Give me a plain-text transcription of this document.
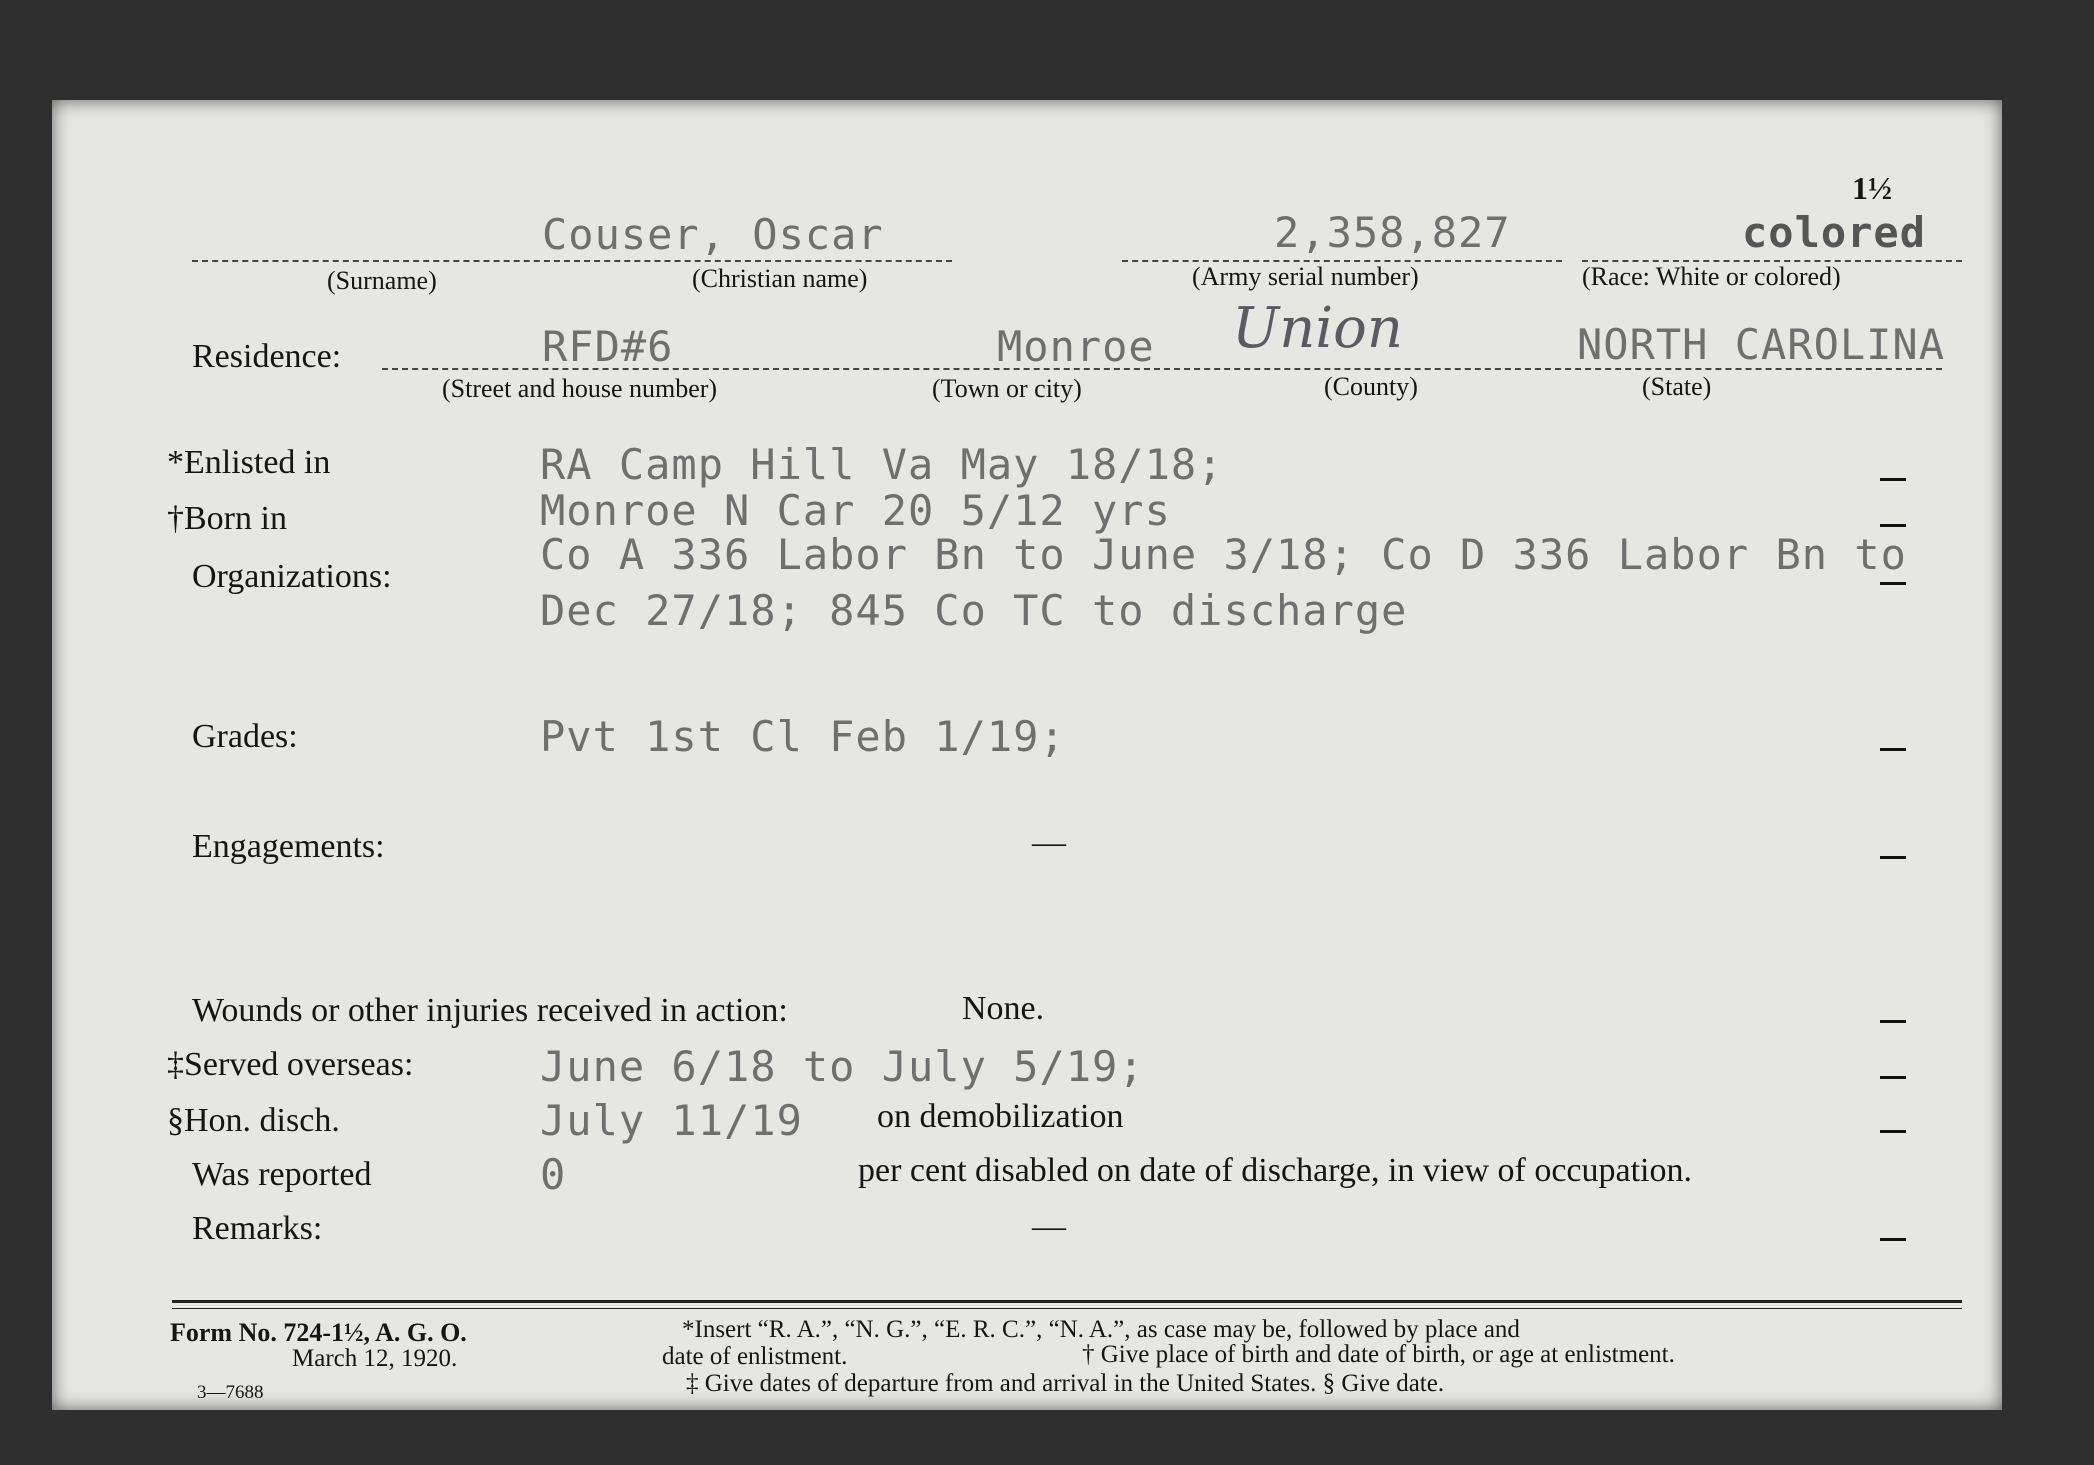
1½
Couser, Oscar
(Surname)	(Christian name)
2,358,827
(Army serial number)
colored
(Race: White or colored)
Residence:	RFD#6
(Street and house number)
Monroe
(Town or city)
Union
(County)
NORTH CAROLINA
(State)
*Enlisted in	RA Camp Hill Va May 18/18;
†Born in	Monroe N Car 20 5/12 yrs
Organizations:	Co A 336 Labor Bn to June 3/18; Co D 336 Labor Bn to
Dec 27/18; 845 Co TC to discharge
Grades:	Pvt 1st Cl Feb 1/19;
Engagements:	—
Wounds or other injuries received in action:	None.
‡Served overseas:	June 6/18 to July 5/19;
§Hon. disch.	July 11/19 on demobilization
Was reported	0	per cent disabled on date of discharge, in view of occupation.
Remarks:	—
Form No. 724-1½, A. G. O.
March 12, 1920.
3—7688
*Insert “R. A.”, “N. G.”, “E. R. C.”, “N. A.”, as case may be, followed by place and
date of enlistment.	† Give place of birth and date of birth, or age at enlistment.
‡ Give dates of departure from and arrival in the United States. § Give date.
